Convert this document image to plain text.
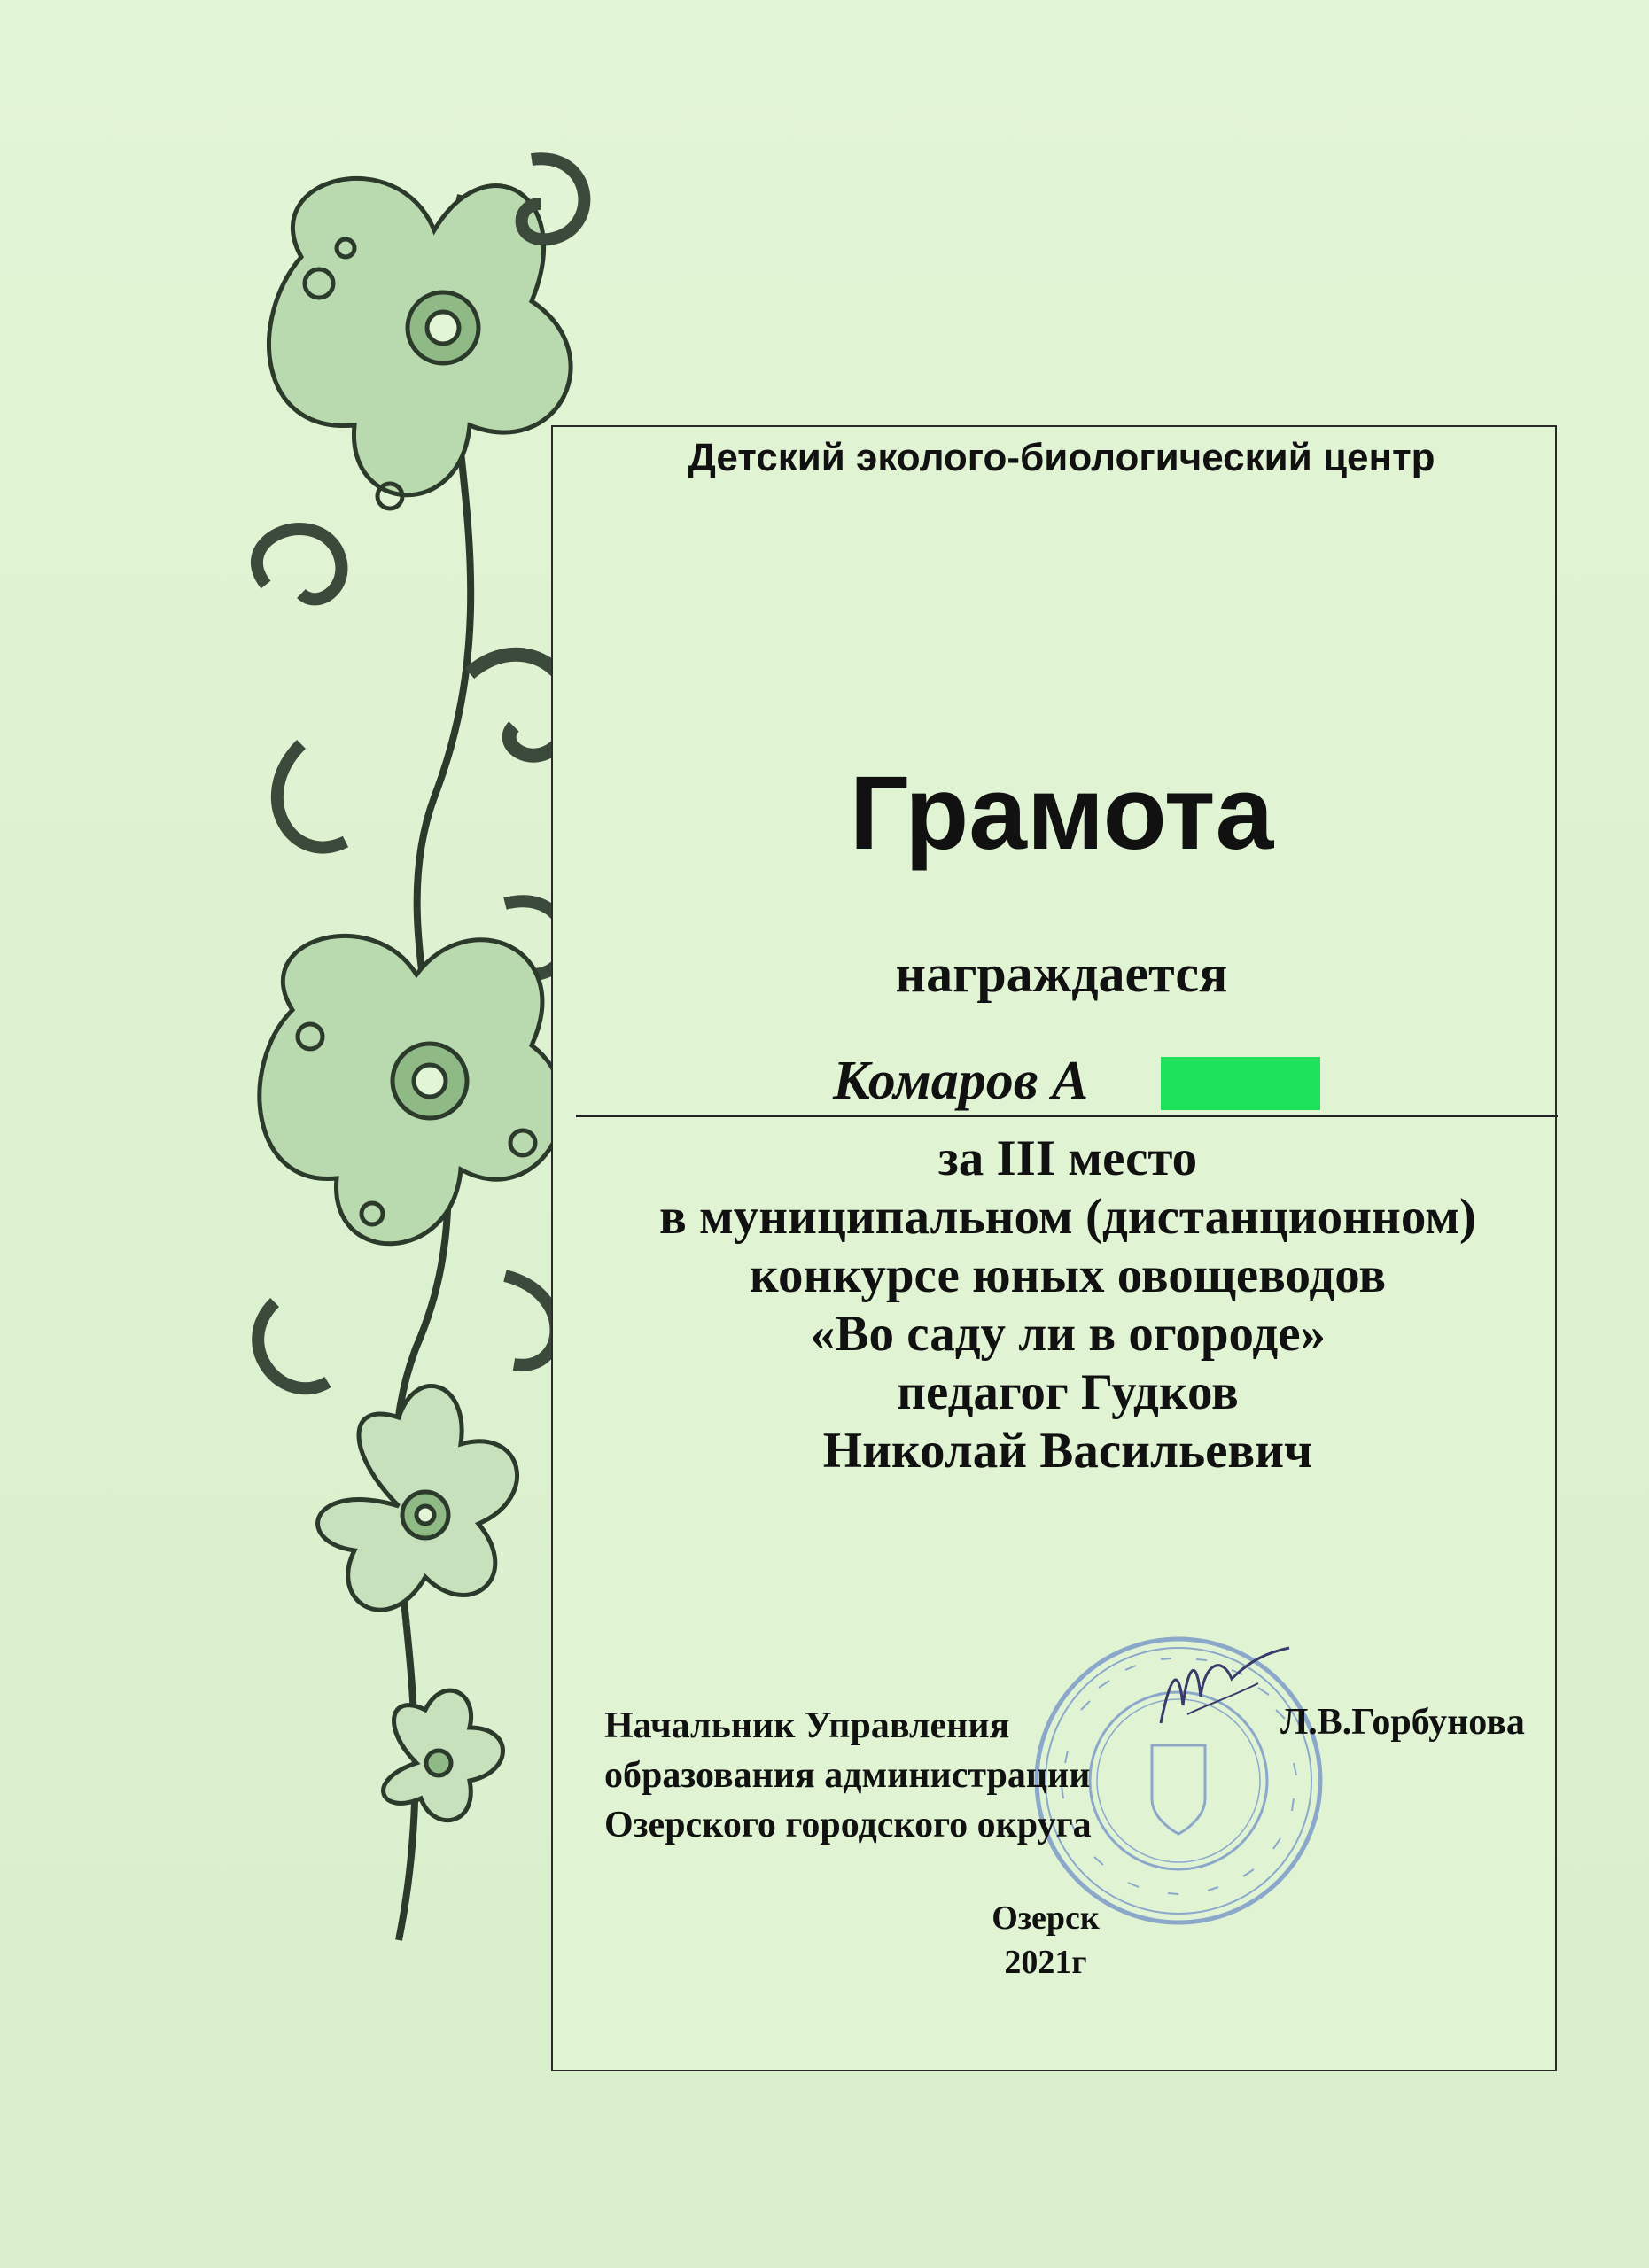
Детский эколого-биологический центр
Грамота
награждается
Комаров А
за III место
в муниципальном (дистанционном)
конкурсе юных овощеводов
«Во саду ли в огороде»
педагог Гудков
Николай Васильевич
Начальник Управления
образования администрации
Озерского городского округа
Л.В.Горбунова
Озерск
2021г
